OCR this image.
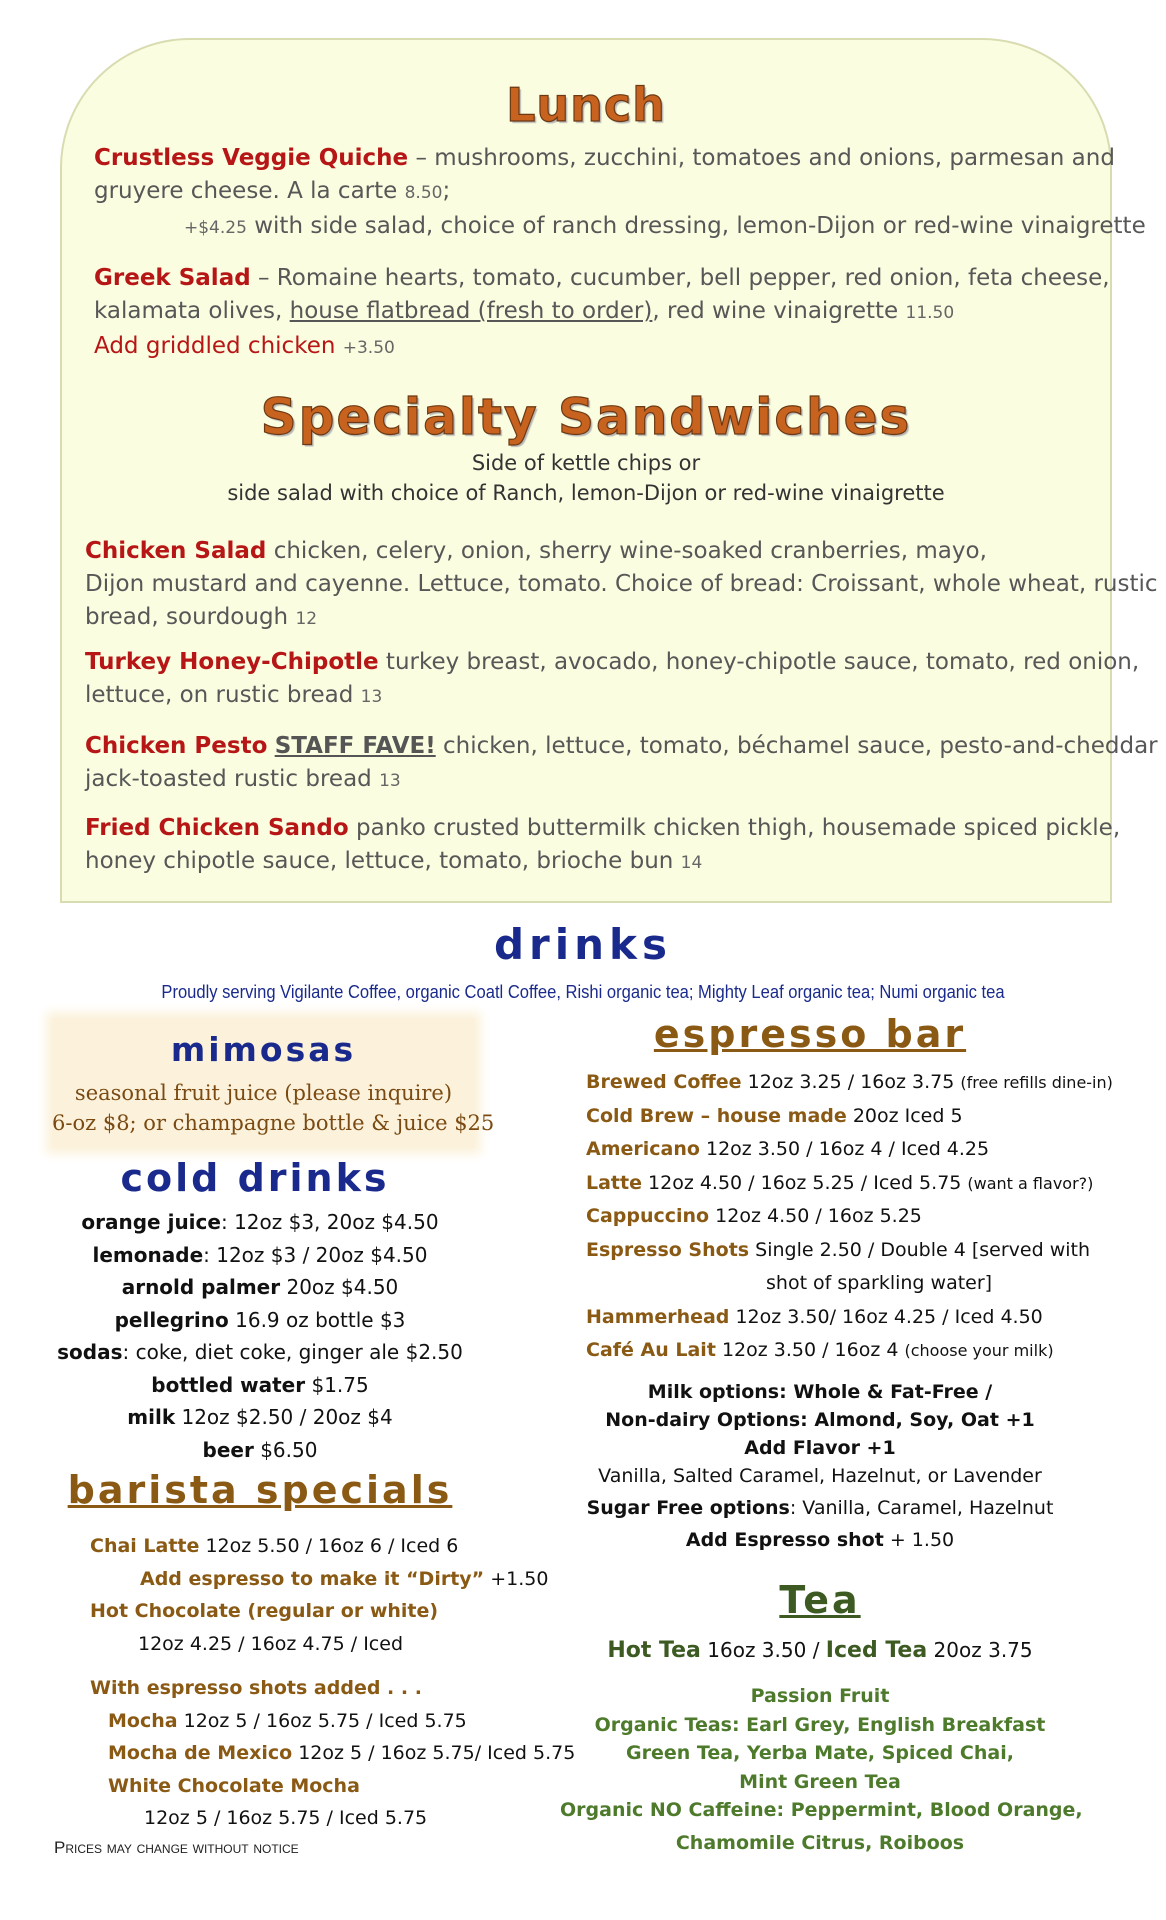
Lunch
Crustless Veggie Quiche – mushrooms, zucchini, tomatoes and onions, parmesan and
gruyere cheese. A la carte 8.50;
+$4.25 with side salad, choice of ranch dressing, lemon-Dijon or red-wine vinaigrette
Greek Salad – Romaine hearts, tomato, cucumber, bell pepper, red onion, feta cheese,
kalamata olives, house flatbread (fresh to order), red wine vinaigrette 11.50
Add griddled chicken +3.50
Specialty Sandwiches
Side of kettle chips or
side salad with choice of Ranch, lemon-Dijon or red-wine vinaigrette
Chicken Salad chicken, celery, onion, sherry wine-soaked cranberries, mayo,
Dijon mustard and cayenne. Lettuce, tomato. Choice of bread: Croissant, whole wheat, rustic
bread, sourdough 12
Turkey Honey-Chipotle turkey breast, avocado, honey-chipotle sauce, tomato, red onion,
lettuce, on rustic bread 13
Chicken Pesto STAFF FAVE! chicken, lettuce, tomato, béchamel sauce, pesto-and-cheddar
jack-toasted rustic bread 13
Fried Chicken Sando panko crusted buttermilk chicken thigh, housemade spiced pickle,
honey chipotle sauce, lettuce, tomato, brioche bun 14
drinks
Proudly serving Vigilante Coffee, organic Coatl Coffee, Rishi organic tea; Mighty Leaf organic tea; Numi organic tea
mimosas
seasonal fruit juice (please inquire)
6-oz $8; or champagne bottle & juice $25
cold drinks
orange juice: 12oz $3, 20oz $4.50
lemonade: 12oz $3 / 20oz $4.50
arnold palmer 20oz $4.50
pellegrino 16.9 oz bottle $3
sodas: coke, diet coke, ginger ale $2.50
bottled water $1.75
milk 12oz $2.50 / 20oz $4
beer $6.50
barista specials
Chai Latte 12oz 5.50 / 16oz 6 / Iced 6
Add espresso to make it “Dirty” +1.50
Hot Chocolate (regular or white)
12oz 4.25 / 16oz 4.75 / Iced
With espresso shots added . . .
Mocha 12oz 5 / 16oz 5.75 / Iced 5.75
Mocha de Mexico 12oz 5 / 16oz 5.75/ Iced 5.75
White Chocolate Mocha
12oz 5 / 16oz 5.75 / Iced 5.75
Prices may change without notice
espresso bar
Brewed Coffee 12oz 3.25 / 16oz 3.75 (free refills dine-in)
Cold Brew – house made 20oz Iced 5
Americano 12oz 3.50 / 16oz 4 / Iced 4.25
Latte 12oz 4.50 / 16oz 5.25 / Iced 5.75 (want a flavor?)
Cappuccino 12oz 4.50 / 16oz 5.25
Espresso Shots Single 2.50 / Double 4 [served with
shot of sparkling water]
Hammerhead 12oz 3.50/ 16oz 4.25 / Iced 4.50
Café Au Lait 12oz 3.50 / 16oz 4 (choose your milk)
Milk options: Whole & Fat-Free /
Non-dairy Options: Almond, Soy, Oat +1
Add Flavor +1
Vanilla, Salted Caramel, Hazelnut, or Lavender
Sugar Free options: Vanilla, Caramel, Hazelnut
Add Espresso shot + 1.50
Tea
Hot Tea 16oz 3.50 / Iced Tea 20oz 3.75
Passion Fruit
Organic Teas: Earl Grey, English Breakfast
Green Tea, Yerba Mate, Spiced Chai,
Mint Green Tea
Organic NO Caffeine: Peppermint, Blood Orange,
Chamomile Citrus, Roiboos
